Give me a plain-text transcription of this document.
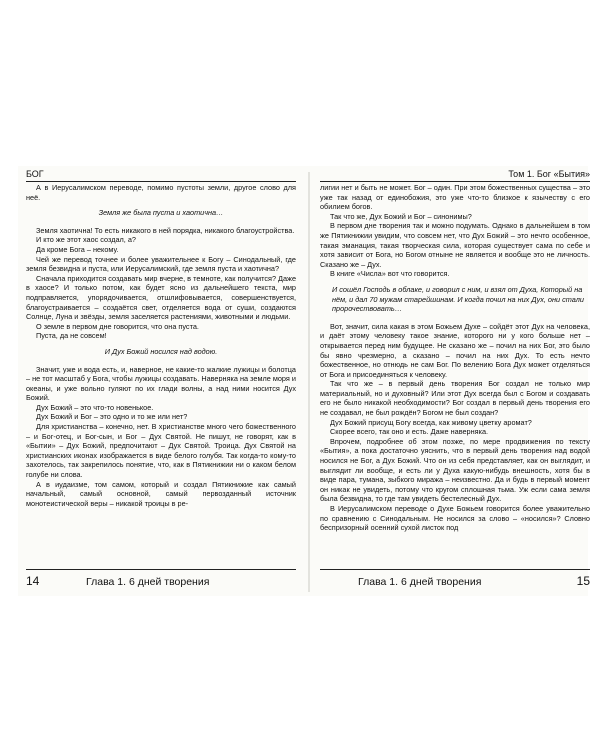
БОГ

А в Иерусалимском переводе, помимо пустоты земли, другое слово для неё.

Земля же была пуста и хаотична…

Земля хаотична! То есть никакого в ней порядка, никакого благоустройства.

И кто же этот хаос создал, а?

Да кроме Бога – некому.

Чей же перевод точнее и более уважительнее к Богу – Синодальный, где земля безвидна и пуста, или Иерусалимский, где земля пуста и хаотична?

Сначала приходится создавать мир вчерне, в темноте, как получится? Даже в хаосе? И только потом, как будет ясно из дальнейшего текста, мир подправляется, упорядочивается, отшлифовывается, совершенствуется, благоустраивается – создаётся свет, отделяется вода от суши, создаются Солнце, Луна и звёзды, земля заселяется растениями, животными и людьми.

О земле в первом дне говорится, что она пуста.

Пуста, да не совсем!

И Дух Божий носился над водою.

Значит, уже и вода есть, и, наверное, не какие-то жалкие лужицы и болотца – не тот масштаб у Бога, чтобы лужицы создавать. Наверняка на земле моря и океаны, и уже вольно гуляют по их глади волны, а над ними носится Дух Божий.

Дух Божий – это что-то новенькое.

Дух Божий и Бог – это одно и то же или нет?

Для христианства – конечно, нет. В христианстве много чего божественного – и Бог-отец, и Бог-сын, и Бог – Дух Святой. Не пишут, не говорят, как в «Бытии» – Дух Божий, предпочитают – Дух Святой. Троица. Дух Святой на христианских иконах изображается в виде белого голубя. Так когда-то кому-то захотелось, так закрепилось понятие, что, как в Пятикнижии ни о каком белом голубе ни слова.

А в иудаизме, том самом, который и создал Пятикнижие как самый начальный, самый основной, самый первозданный источник монотеистической веры – никакой троицы в ре-

14	Глава 1. 6 дней творения
Том 1. Бог «Бытия»

лигии нет и быть не может. Бог – один. При этом божественных существа – это уже так назад от единобожия, это уже что-то близкое к язычеству с его обилием богов.

Так что же, Дух Божий и Бог – синонимы?

В первом дне творения так и можно подумать. Однако в дальнейшем в том же Пятикнижии увидим, что совсем нет, что Дух Божий – это нечто особенное, такая эманация, такая творческая сила, которая существует сама по себе и хотя зависит от Бога, но Богом отныне не является и вообще это не личность. Сказано же – Дух.

В книге «Числа» вот что говорится.

И сошёл Господь в облаке, и говорил с ним, и взял от Духа, Который на нём, и дал 70 мужам старейшинам. И когда почил на них Дух, они стали пророчествовать…

Вот, значит, сила какая в этом Божьем Духе – сойдёт этот Дух на человека, и даёт этому человеку такое знание, которого ни у кого больше нет – открывается перед ним будущее. Не сказано же – почил на них Бог, это было бы явно чрезмерно, а сказано – почил на них Дух. То есть нечто божественное, но отнюдь не сам Бог. По велению Бога Дух может отделяться от Бога и присоединяться к человеку.

Так что же – в первый день творения Бог создал не только мир материальный, но и духовный? Или этот Дух всегда был с Богом и создавать его не было никакой необходимости? Бог создал в первый день творения его не создавал, не был рождён? Богом не был создан?

Дух Божий присущ Богу всегда, как живому цветку аромат?

Скорее всего, так оно и есть. Даже наверняка.

Впрочем, подробнее об этом позже, по мере продвижения по тексту «Бытия», а пока достаточно уяснить, что в первый день творения над водой носился не Бог, а Дух Божий. Что он из себя представляет, как он выглядит, и выглядит ли вообще, и есть ли у Духа какую-нибудь внешность, хотя бы в виде пара, тумана, зыбкого миража – неизвестно. Да и будь в первый момент он никак не увидеть, потому что кругом сплошная тьма. Уж если сама земля была безвидна, то где там увидеть бестелесный Дух.

В Иерусалимском переводе о Духе Божьем говорится более уважительно по сравнению с Синодальным. Не носился за слово – «носился»? Словно беспризорный осенний сухой листок под

Глава 1. 6 дней творения	15
